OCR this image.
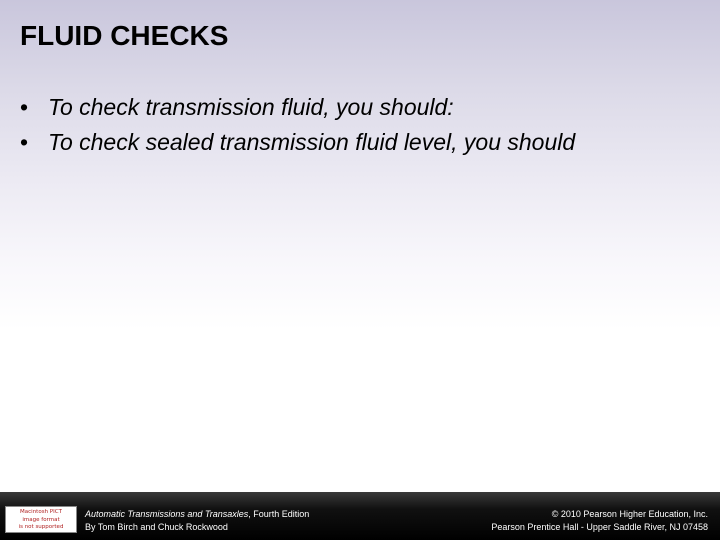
FLUID CHECKS
• To check transmission fluid, you should:
• To check sealed transmission fluid level, you should
Macintosh PICT
image format
is not supported
Automatic Transmissions and Transaxles, Fourth Edition
By Tom Birch and Chuck Rockwood
© 2010 Pearson Higher Education, Inc.
Pearson Prentice Hall - Upper Saddle River, NJ 07458
